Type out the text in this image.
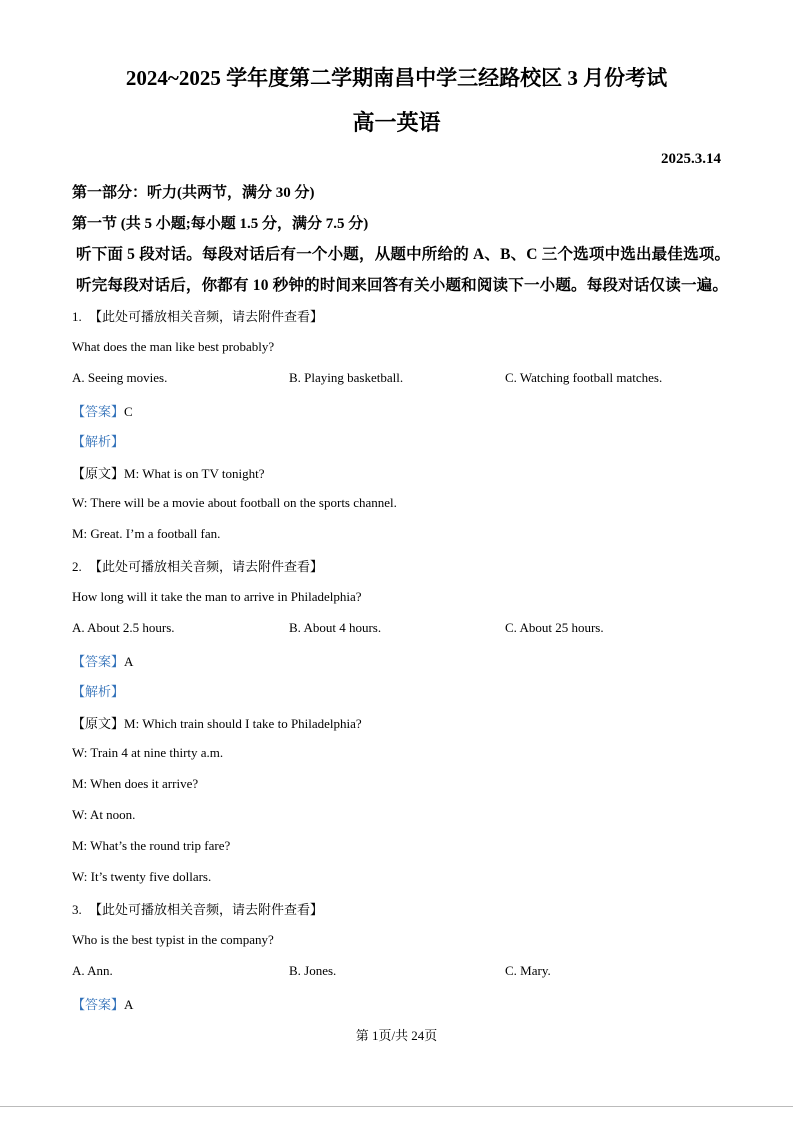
2024~2025 学年度第二学期南昌中学三经路校区 3 月份考试
高一英语
2025.3.14
第一部分：听力(共两节，满分 30 分)
第一节 (共 5 小题;每小题 1.5 分，满分 7.5 分)
听下面 5 段对话。每段对话后有一个小题，从题中所给的 A、B、C 三个选项中选出最佳选项。
听完每段对话后，你都有 10 秒钟的时间来回答有关小题和阅读下一小题。每段对话仅读一遍。
1. 【此处可播放相关音频，请去附件查看】
What does the man like best probably?
A. Seeing movies.	B. Playing basketball.	C. Watching football matches.
【答案】C
【解析】
【原文】M: What is on TV tonight?
W: There will be a movie about football on the sports channel.
M: Great. I’m a football fan.
2. 【此处可播放相关音频，请去附件查看】
How long will it take the man to arrive in Philadelphia?
A. About 2.5 hours.	B. About 4 hours.	C. About 25 hours.
【答案】A
【解析】
【原文】M: Which train should I take to Philadelphia?
W: Train 4 at nine thirty a.m.
M: When does it arrive?
W: At noon.
M: What’s the round trip fare?
W: It’s twenty five dollars.
3. 【此处可播放相关音频，请去附件查看】
Who is the best typist in the company?
A. Ann.	B. Jones.	C. Mary.
【答案】A
第 1页/共 24页
